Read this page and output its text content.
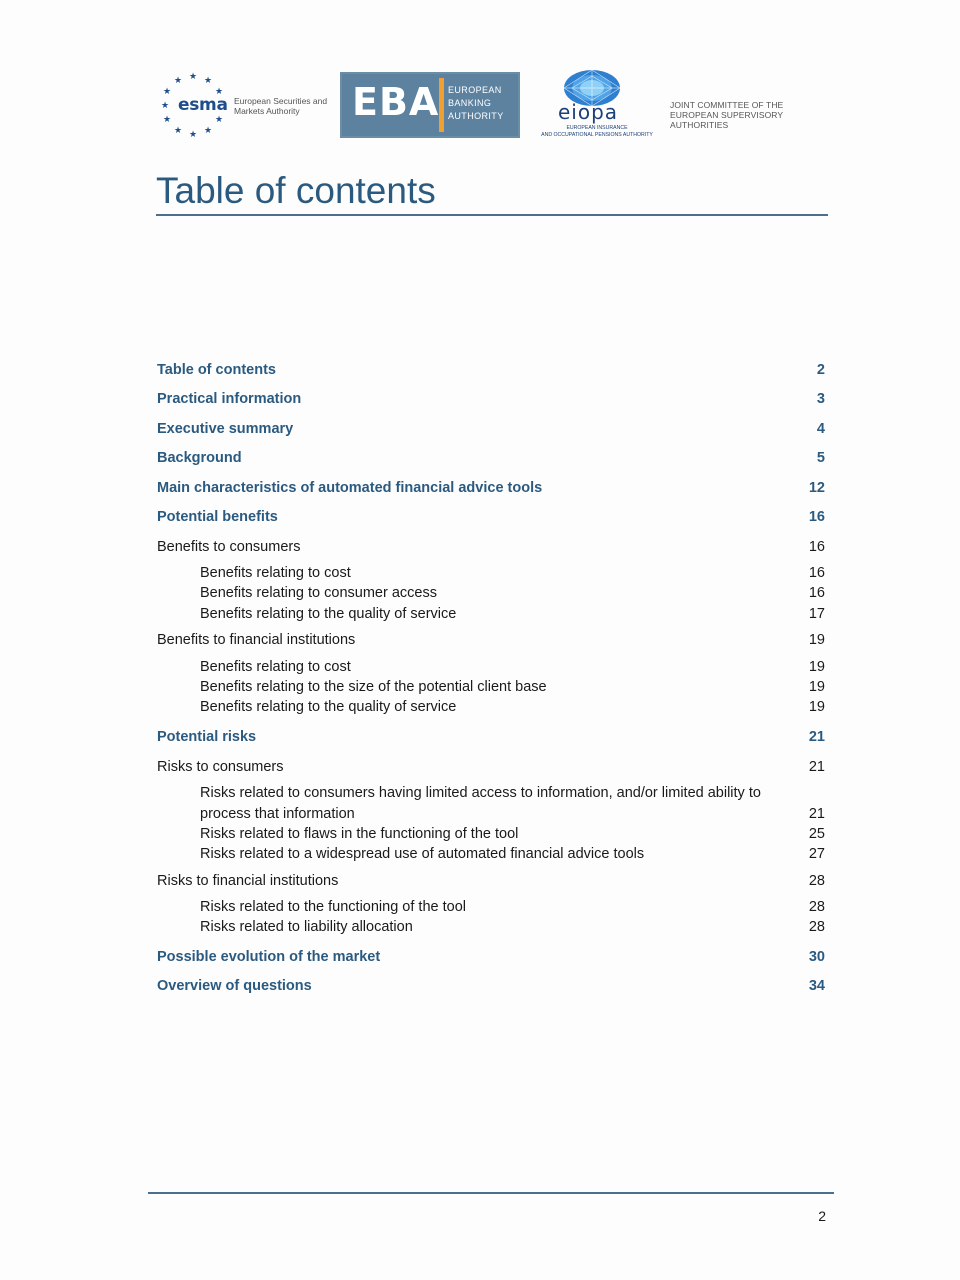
★ ★
★
★
★
★
★
★
★
★
★
esma European Securities and Markets Authority	EBA EUROPEAN
BANKING
AUTHORITY	eiopa
EUROPEAN INSURANCE
AND OCCUPATIONAL PENSIONS AUTHORITY
JOINT COMMITTEE OF THE EUROPEAN SUPERVISORY AUTHORITIES
Table of contents
Table of contents	2
Practical information	3
Executive summary	4
Background	5
Main characteristics of automated financial advice tools	12
Potential benefits	16
Benefits to consumers	16
Benefits relating to cost	16
Benefits relating to consumer access	16
Benefits relating to the quality of service	17
Benefits to financial institutions	19
Benefits relating to cost	19
Benefits relating to the size of the potential client base	19
Benefits relating to the quality of service	19
Potential risks	21
Risks to consumers	21
Risks related to consumers having limited access to information, and/or limited ability to
process that information	21
Risks related to flaws in the functioning of the tool	25
Risks related to a widespread use of automated financial advice tools	27
Risks to financial institutions	28
Risks related to the functioning of the tool	28
Risks related to liability allocation	28
Possible evolution of the market	30
Overview of questions	34
2
